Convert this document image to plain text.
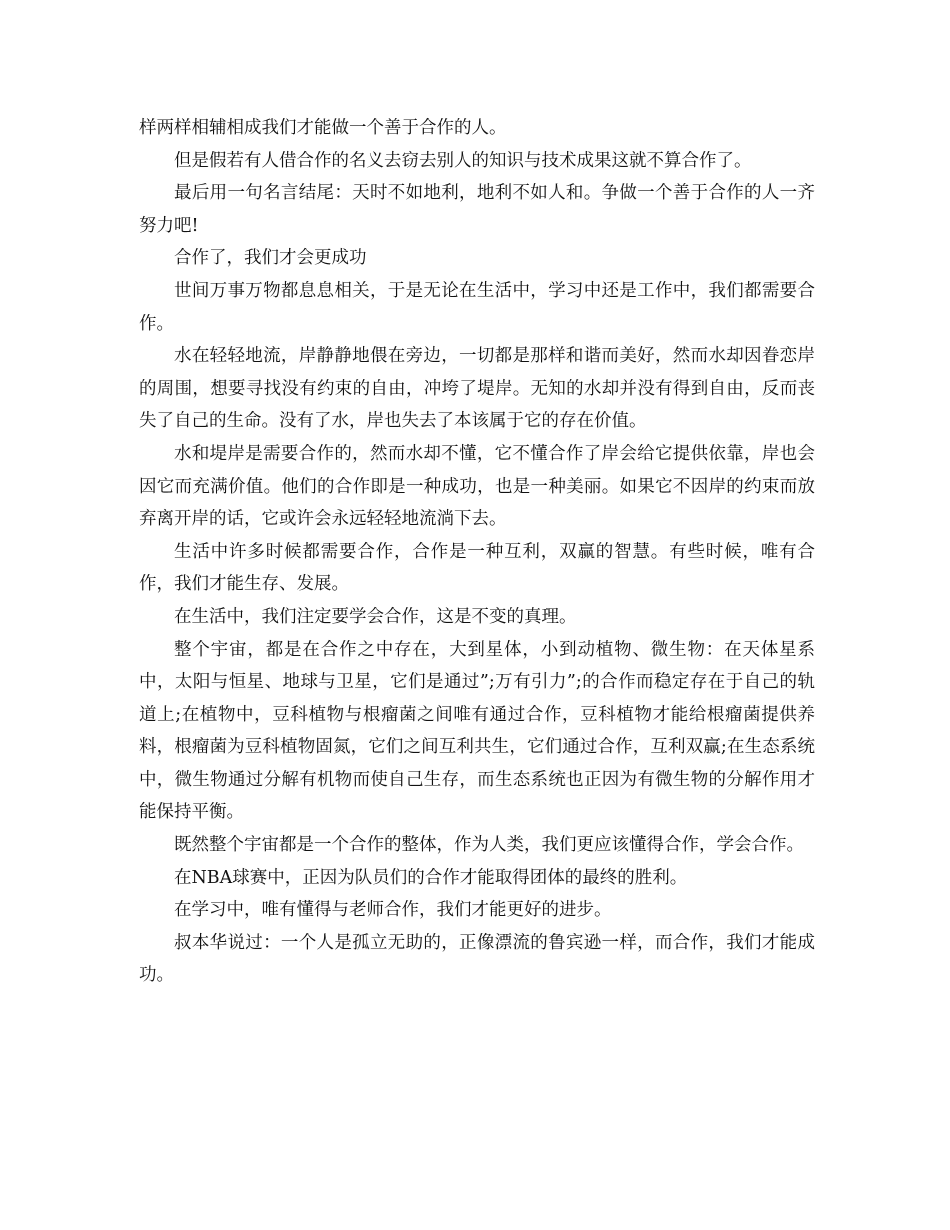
样两样相辅相成我们才能做一个善于合作的人。

但是假若有人借合作的名义去窃去别人的知识与技术成果这就不算合作了。

最后用一句名言结尾：天时不如地利，地利不如人和。争做一个善于合作的人一齐努力吧!

合作了，我们才会更成功

世间万事万物都息息相关，于是无论在生活中，学习中还是工作中，我们都需要合作。

水在轻轻地流，岸静静地偎在旁边，一切都是那样和谐而美好，然而水却因眷恋岸的周围，想要寻找没有约束的自由，冲垮了堤岸。无知的水却并没有得到自由，反而丧失了自己的生命。没有了水，岸也失去了本该属于它的存在价值。

水和堤岸是需要合作的，然而水却不懂，它不懂合作了岸会给它提供依靠，岸也会因它而充满价值。他们的合作即是一种成功，也是一种美丽。如果它不因岸的约束而放弃离开岸的话，它或许会永远轻轻地流淌下去。

生活中许多时候都需要合作，合作是一种互利，双赢的智慧。有些时候，唯有合作，我们才能生存、发展。

在生活中，我们注定要学会合作，这是不变的真理。

整个宇宙，都是在合作之中存在，大到星体，小到动植物、微生物：在天体星系中，太阳与恒星、地球与卫星，它们是通过”;万有引力”;的合作而稳定存在于自己的轨道上;在植物中，豆科植物与根瘤菌之间唯有通过合作，豆科植物才能给根瘤菌提供养料，根瘤菌为豆科植物固氮，它们之间互利共生，它们通过合作，互利双赢;在生态系统中，微生物通过分解有机物而使自己生存，而生态系统也正因为有微生物的分解作用才能保持平衡。

既然整个宇宙都是一个合作的整体，作为人类，我们更应该懂得合作，学会合作。

在NBA球赛中，正因为队员们的合作才能取得团体的最终的胜利。

在学习中，唯有懂得与老师合作，我们才能更好的进步。

叔本华说过：一个人是孤立无助的，正像漂流的鲁宾逊一样，而合作，我们才能成功。
